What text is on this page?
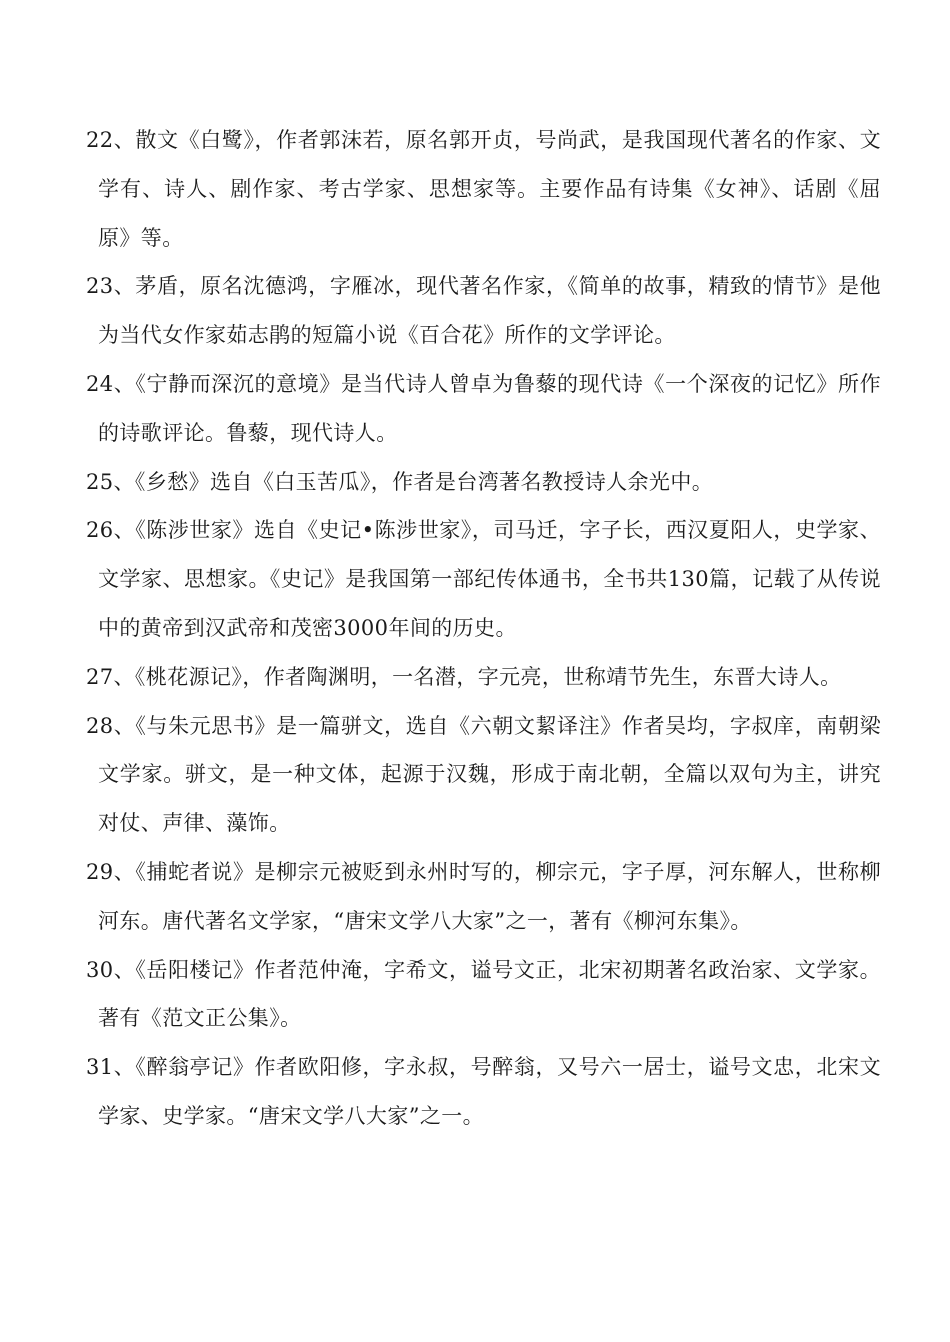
22、散文《白鹭》，作者郭沫若，原名郭开贞，号尚武，是我国现代著名的作家、文学有、诗人、剧作家、考古学家、思想家等。主要作品有诗集《女神》、话剧《屈原》等。

23、茅盾，原名沈德鸿，字雁冰，现代著名作家，《简单的故事，精致的情节》是他为当代女作家茹志鹃的短篇小说《百合花》所作的文学评论。

24、《宁静而深沉的意境》是当代诗人曾卓为鲁藜的现代诗《一个深夜的记忆》所作的诗歌评论。鲁藜，现代诗人。

25、《乡愁》选自《白玉苦瓜》，作者是台湾著名教授诗人余光中。

26、《陈涉世家》选自《史记•陈涉世家》，司马迁，字子长，西汉夏阳人，史学家、文学家、思想家。《史记》是我国第一部纪传体通书，全书共130篇，记载了从传说中的黄帝到汉武帝和茂密3000年间的历史。

27、《桃花源记》，作者陶渊明，一名潜，字元亮，世称靖节先生，东晋大诗人。

28、《与朱元思书》是一篇骈文，选自《六朝文絜译注》作者吴均，字叔庠，南朝梁文学家。骈文，是一种文体，起源于汉魏，形成于南北朝，全篇以双句为主，讲究对仗、声律、藻饰。

29、《捕蛇者说》是柳宗元被贬到永州时写的，柳宗元，字子厚，河东解人，世称柳河东。唐代著名文学家，“唐宋文学八大家”之一，著有《柳河东集》。

30、《岳阳楼记》作者范仲淹，字希文，谥号文正，北宋初期著名政治家、文学家。著有《范文正公集》。

31、《醉翁亭记》作者欧阳修，字永叔，号醉翁，又号六一居士，谥号文忠，北宋文学家、史学家。“唐宋文学八大家”之一。
